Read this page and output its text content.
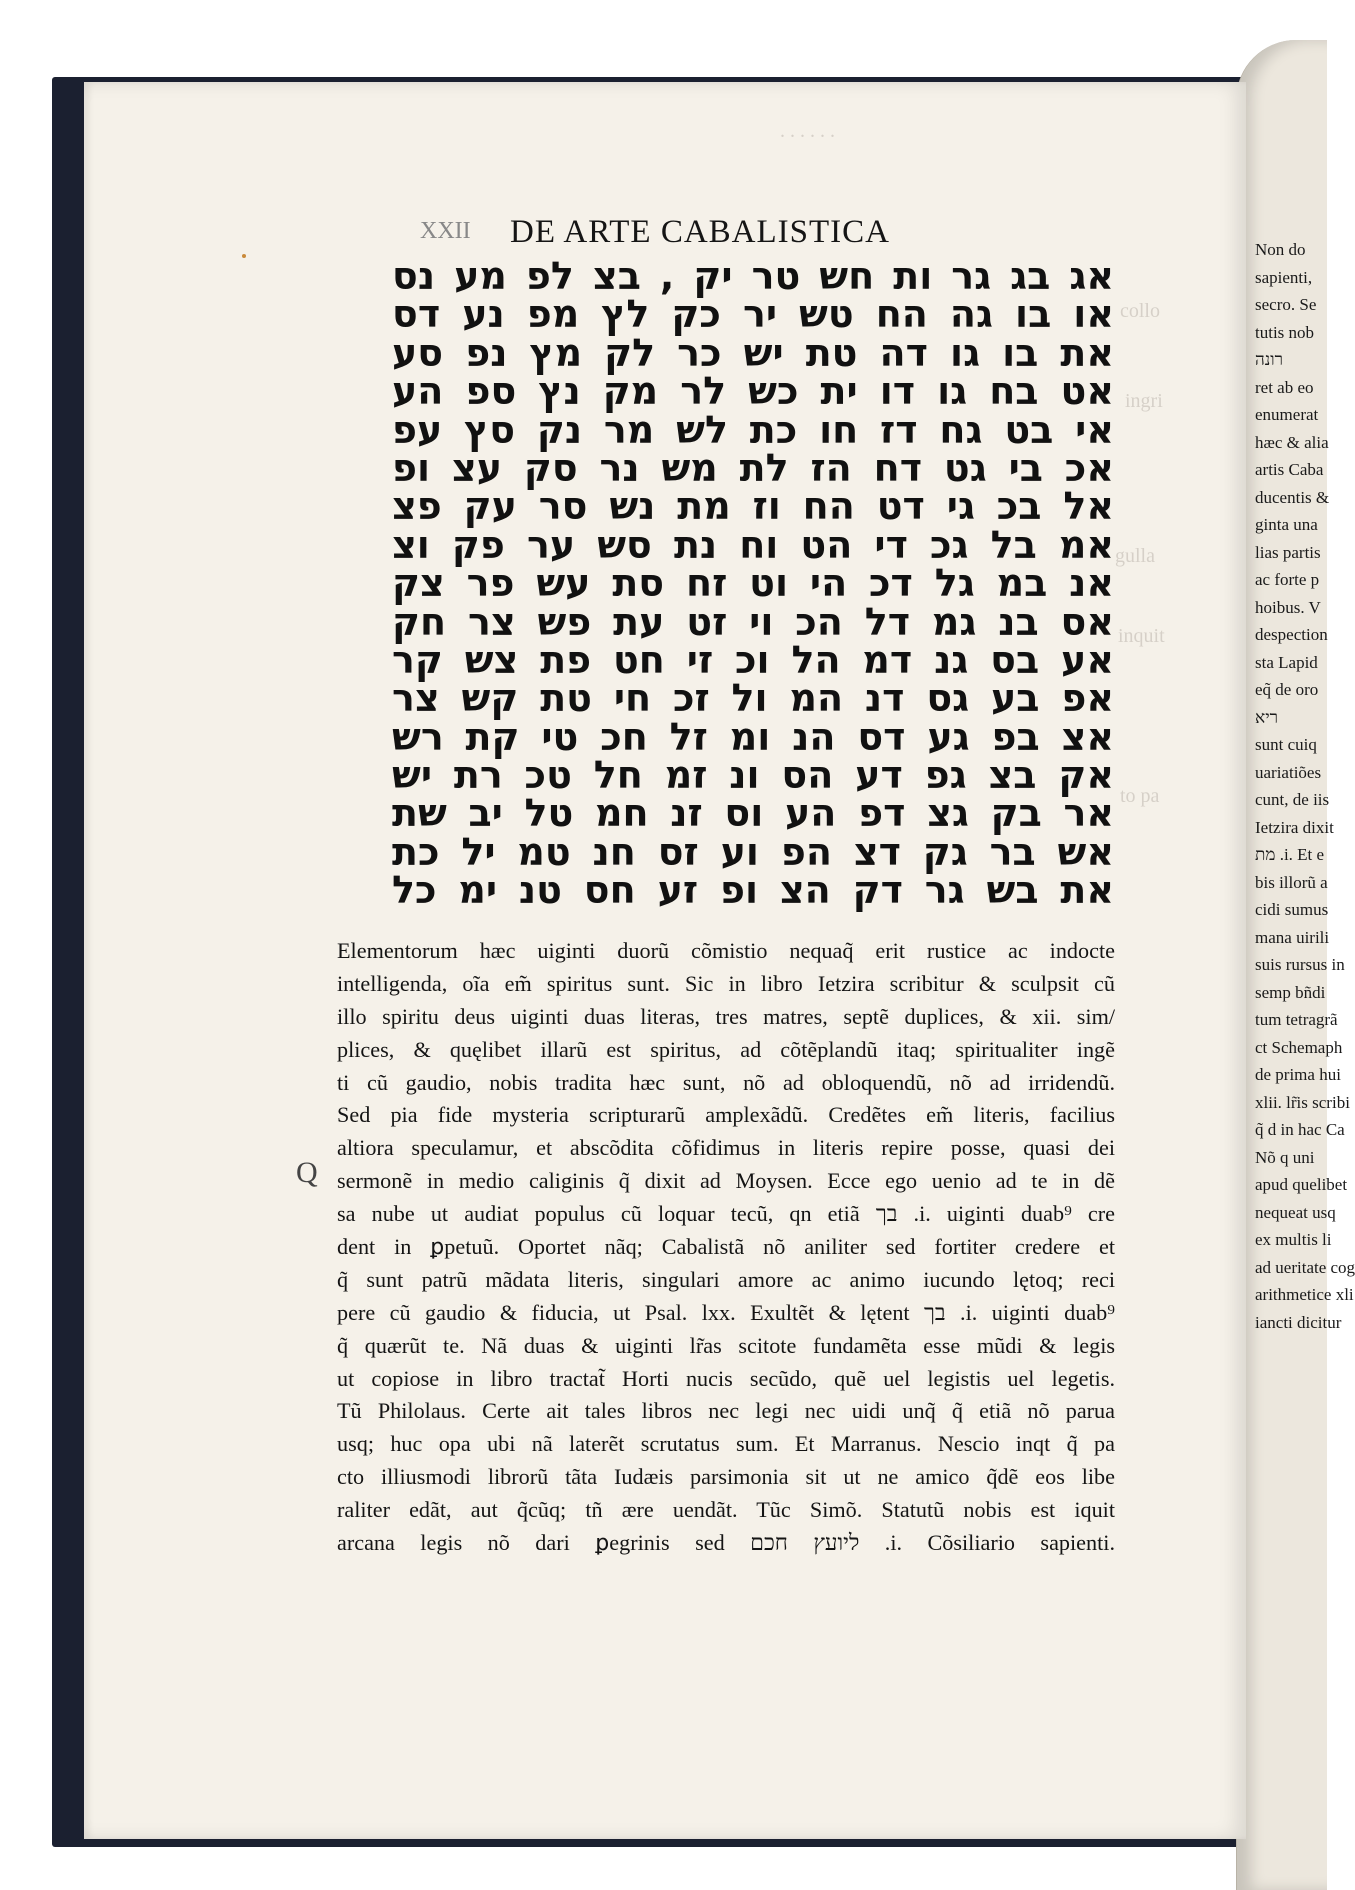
Non do
sapienti,
secro. Se
tutis nob
רונה
ret ab eo
enumerat
hæc & alia
artis Caba
ducentis &
ginta una
lias partis
ac forte p
hoibus. V
despection
sta Lapid
eq̃ de oro
ריא
sunt cuiq
uariatiões
cunt, de iis
Ietzira dixit
מת .i. Et e
bis illorũ a
cidi sumus
mana uirili
suis rursus in
semp bñdi
tum tetragrã
ct Schemaph
de prima hui
xlii. lr̃is scribi
q̃ d in hac Ca
Nõ q uni
apud quelibet
nequeat usq
ex multis li
ad ueritate cog
arithmetice xli
iancti dicitur
. . . . . .
collo
ingri
gulla
inquit
to pa
XXII	DE ARTE CABALISTICA
אג בג גר ות חש טר יק , בצ לפ מע נס
או בו גה הח טש יר כק לץ מפ נע דס
את בו גו דה טת יש כר לק מץ נפ סע
אט בח גו דו ית כש לר מק נץ ספ הע
אי בט גח דז חו כת לש מר נק סץ עפ
אכ בי גט דח הז לת מש נר סק עצ ופ
אל בכ גי דט הח וז מת נש סר עק פצ
אמ בל גכ די הט וח נת סש ער פק וצ
אנ במ גל דכ הי וט זח סת עש פר צק
אס בנ גמ דל הכ וי זט עת פש צר חק
אע בס גנ דמ הל וכ זי חט פת צש קר
אפ בע גס דנ המ ול זכ חי טת קש צר
אצ בפ גע דס הנ ומ זל חכ טי קת רש
אק בצ גפ דע הס ונ זמ חל טכ רת יש
אר בק גצ דפ הע וס זנ חמ טל יב שת
אש בר גק דצ הפ וע זס חנ טמ יל כת
את בש גר דק הצ ופ זע חס טנ ימ כל
Q
Elementorum hæc uiginti duorũ cõmistio nequaq̃ erit rustice ac indocte
intelligenda, oĩa em̃ spiritus sunt. Sic in libro Ietzira scribitur & sculpsit cũ
illo spiritu deus uiginti duas literas, tres matres, septẽ duplices, & xii. sim/
plices, & quęlibet illarũ est spiritus, ad cõtẽplandũ itaq; spiritualiter ingẽ
ti cũ gaudio, nobis tradita hæc sunt, nõ ad obloquendũ, nõ ad irridendũ.
Sed pia fide mysteria scripturarũ amplexãdũ. Credẽtes em̃ literis, facilius
altiora speculamur, et abscõdita cõfidimus in literis repire posse, quasi dei
sermonẽ in medio caliginis q̃ dixit ad Moysen. Ecce ego uenio ad te in dẽ
sa nube ut audiat populus cũ loquar tecũ, qn etiã בך .i. uiginti duab⁹ cre
dent in ꝑpetuũ. Oportet nãq; Cabalistã nõ aniliter sed fortiter credere et
q̃ sunt patrũ mãdata literis, singulari amore ac animo iucundo lętoq; reci
pere cũ gaudio & fiducia, ut Psal. lxx. Exultẽt & lętent בך .i. uiginti duab⁹
q̃ quærũt te. Nã duas & uiginti lr̃as scitote fundamẽta esse mũdi & legis
ut copiose in libro tractat̃ Horti nucis secũdo, quẽ uel legistis uel legetis.
Tũ Philolaus. Certe ait tales libros nec legi nec uidi unq̃ q̃ etiã nõ parua
usq; huc opa ubi nã laterẽt scrutatus sum. Et Marranus. Nescio inqt q̃ pa
cto illiusmodi librorũ tãta Iudæis parsimonia sit ut ne amico q̃dẽ eos libe
raliter edãt, aut q̃cũq; tñ ære uendãt. Tũc Simõ. Statutũ nobis est iquit
arcana legis nõ dari ꝑegrinis sed ליועץ חכם .i. Cõsiliario sapienti.
